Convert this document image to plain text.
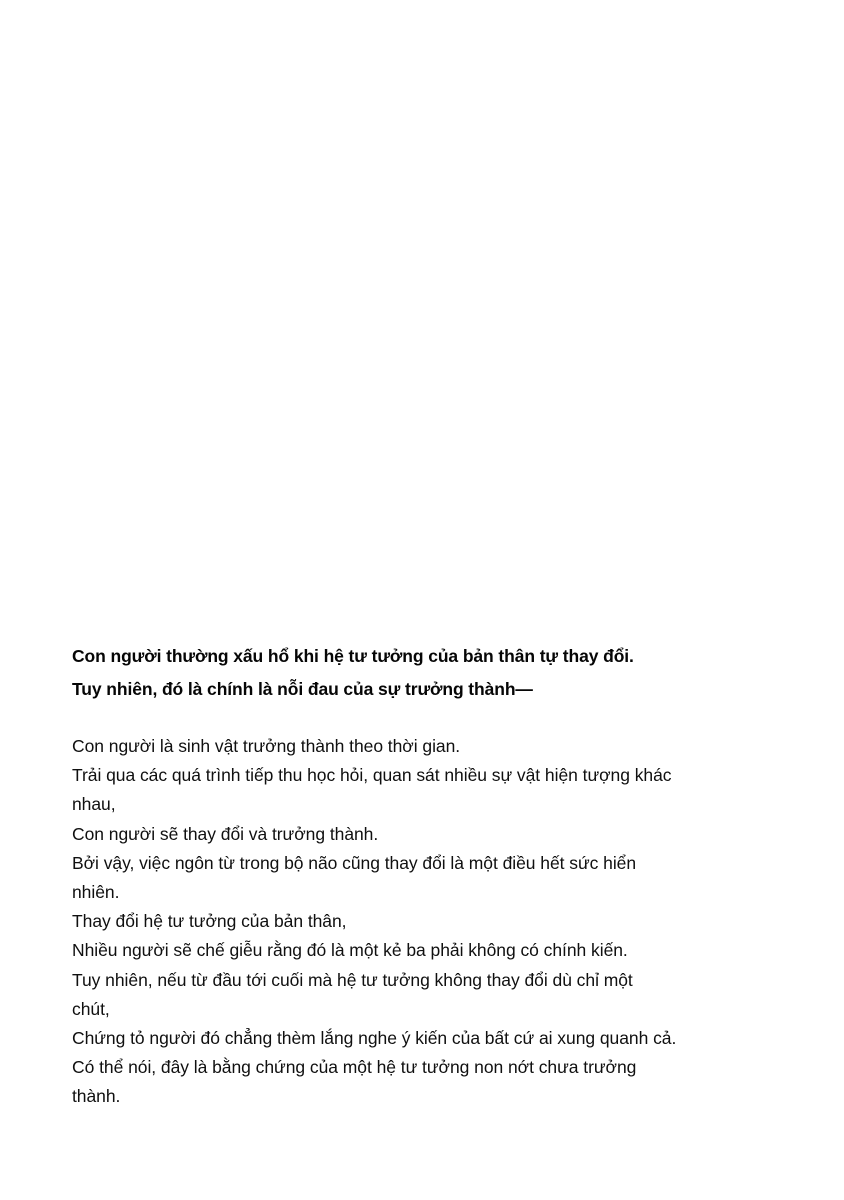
Con người thường xấu hổ khi hệ tư tưởng của bản thân tự thay đổi.
Tuy nhiên, đó là chính là nỗi đau của sự trưởng thành—

Con người là sinh vật trưởng thành theo thời gian.
Trải qua các quá trình tiếp thu học hỏi, quan sát nhiều sự vật hiện tượng khác
nhau,
Con người sẽ thay đổi và trưởng thành.
Bởi vậy, việc ngôn từ trong bộ não cũng thay đổi là một điều hết sức hiển
nhiên.
Thay đổi hệ tư tưởng của bản thân,
Nhiều người sẽ chế giễu rằng đó là một kẻ ba phải không có chính kiến.
Tuy nhiên, nếu từ đầu tới cuối mà hệ tư tưởng không thay đổi dù chỉ một
chút,
Chứng tỏ người đó chẳng thèm lắng nghe ý kiến của bất cứ ai xung quanh cả.
Có thể nói, đây là bằng chứng của một hệ tư tưởng non nớt chưa trưởng
thành.
